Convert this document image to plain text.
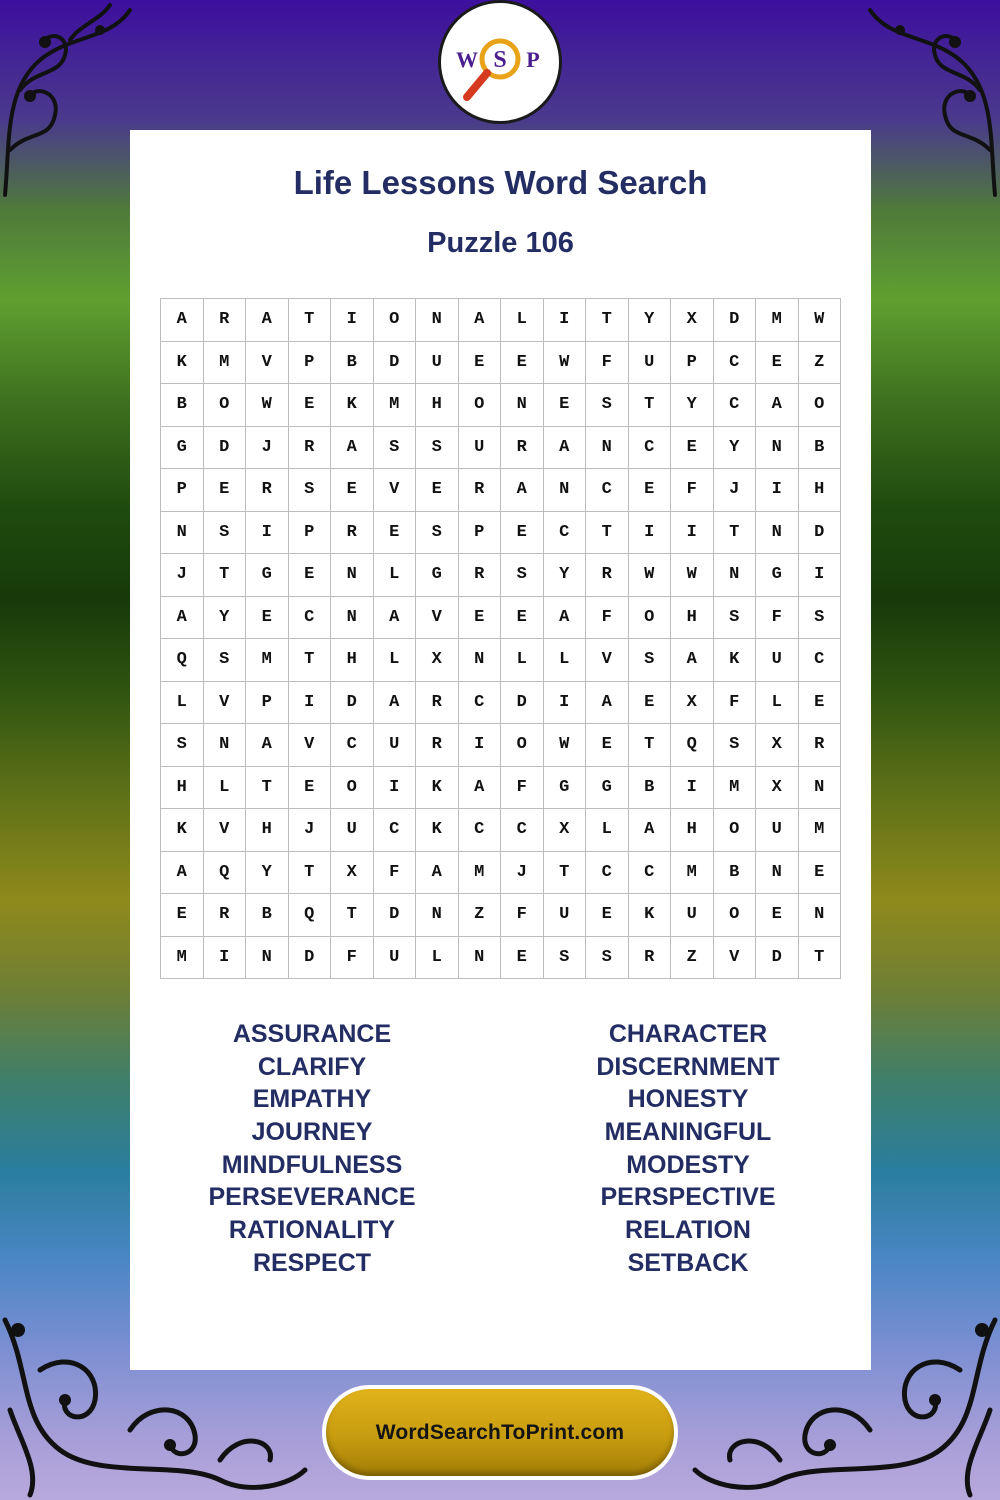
W S P
Life Lessons Word Search
Puzzle 106
A	R	A	T	I	O	N	A	L	I	T	Y	X	D	M	W
K	M	V	P	B	D	U	E	E	W	F	U	P	C	E	Z
B	O	W	E	K	M	H	O	N	E	S	T	Y	C	A	O
G	D	J	R	A	S	S	U	R	A	N	C	E	Y	N	B
P	E	R	S	E	V	E	R	A	N	C	E	F	J	I	H
N	S	I	P	R	E	S	P	E	C	T	I	I	T	N	D
J	T	G	E	N	L	G	R	S	Y	R	W	W	N	G	I
A	Y	E	C	N	A	V	E	E	A	F	O	H	S	F	S
Q	S	M	T	H	L	X	N	L	L	V	S	A	K	U	C
L	V	P	I	D	A	R	C	D	I	A	E	X	F	L	E
S	N	A	V	C	U	R	I	O	W	E	T	Q	S	X	R
H	L	T	E	O	I	K	A	F	G	G	B	I	M	X	N
K	V	H	J	U	C	K	C	C	X	L	A	H	O	U	M
A	Q	Y	T	X	F	A	M	J	T	C	C	M	B	N	E
E	R	B	Q	T	D	N	Z	F	U	E	K	U	O	E	N
M	I	N	D	F	U	L	N	E	S	S	R	Z	V	D	T
ASSURANCE
CLARIFY
EMPATHY
JOURNEY
MINDFULNESS
PERSEVERANCE
RATIONALITY
RESPECT
CHARACTER
DISCERNMENT
HONESTY
MEANINGFUL
MODESTY
PERSPECTIVE
RELATION
SETBACK
WordSearchToPrint.com
